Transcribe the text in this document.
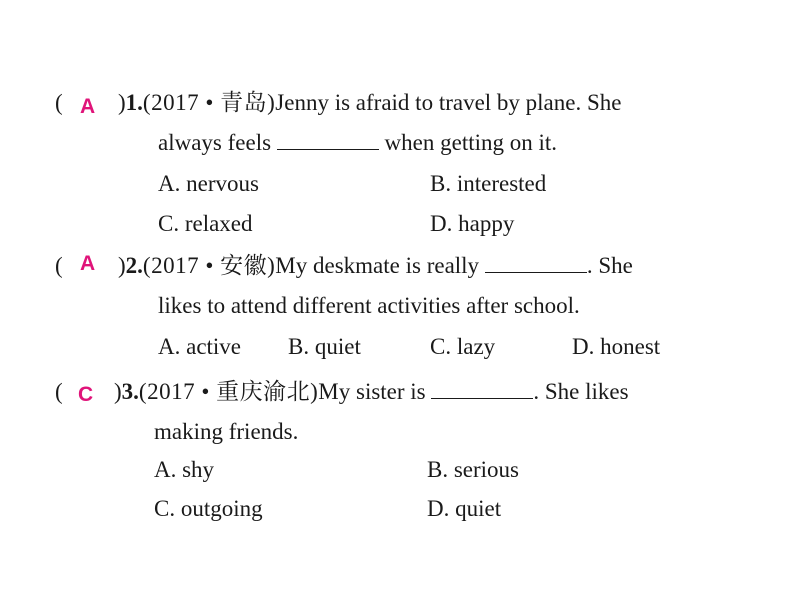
( A )1.(2017 • 青岛)Jenny is afraid to travel by plane. She
always feels	when getting on it.
A. nervous	B. interested
C. relaxed	D. happy
( A )2.(2017 • 安徽)My deskmate is really	. She
likes to attend different activities after school.
A. active B. quiet	C. lazy	D. honest
( C )3.(2017 • 重庆渝北)My sister is	. She likes
making friends.
A. shy	B. serious
C. outgoing	D. quiet
